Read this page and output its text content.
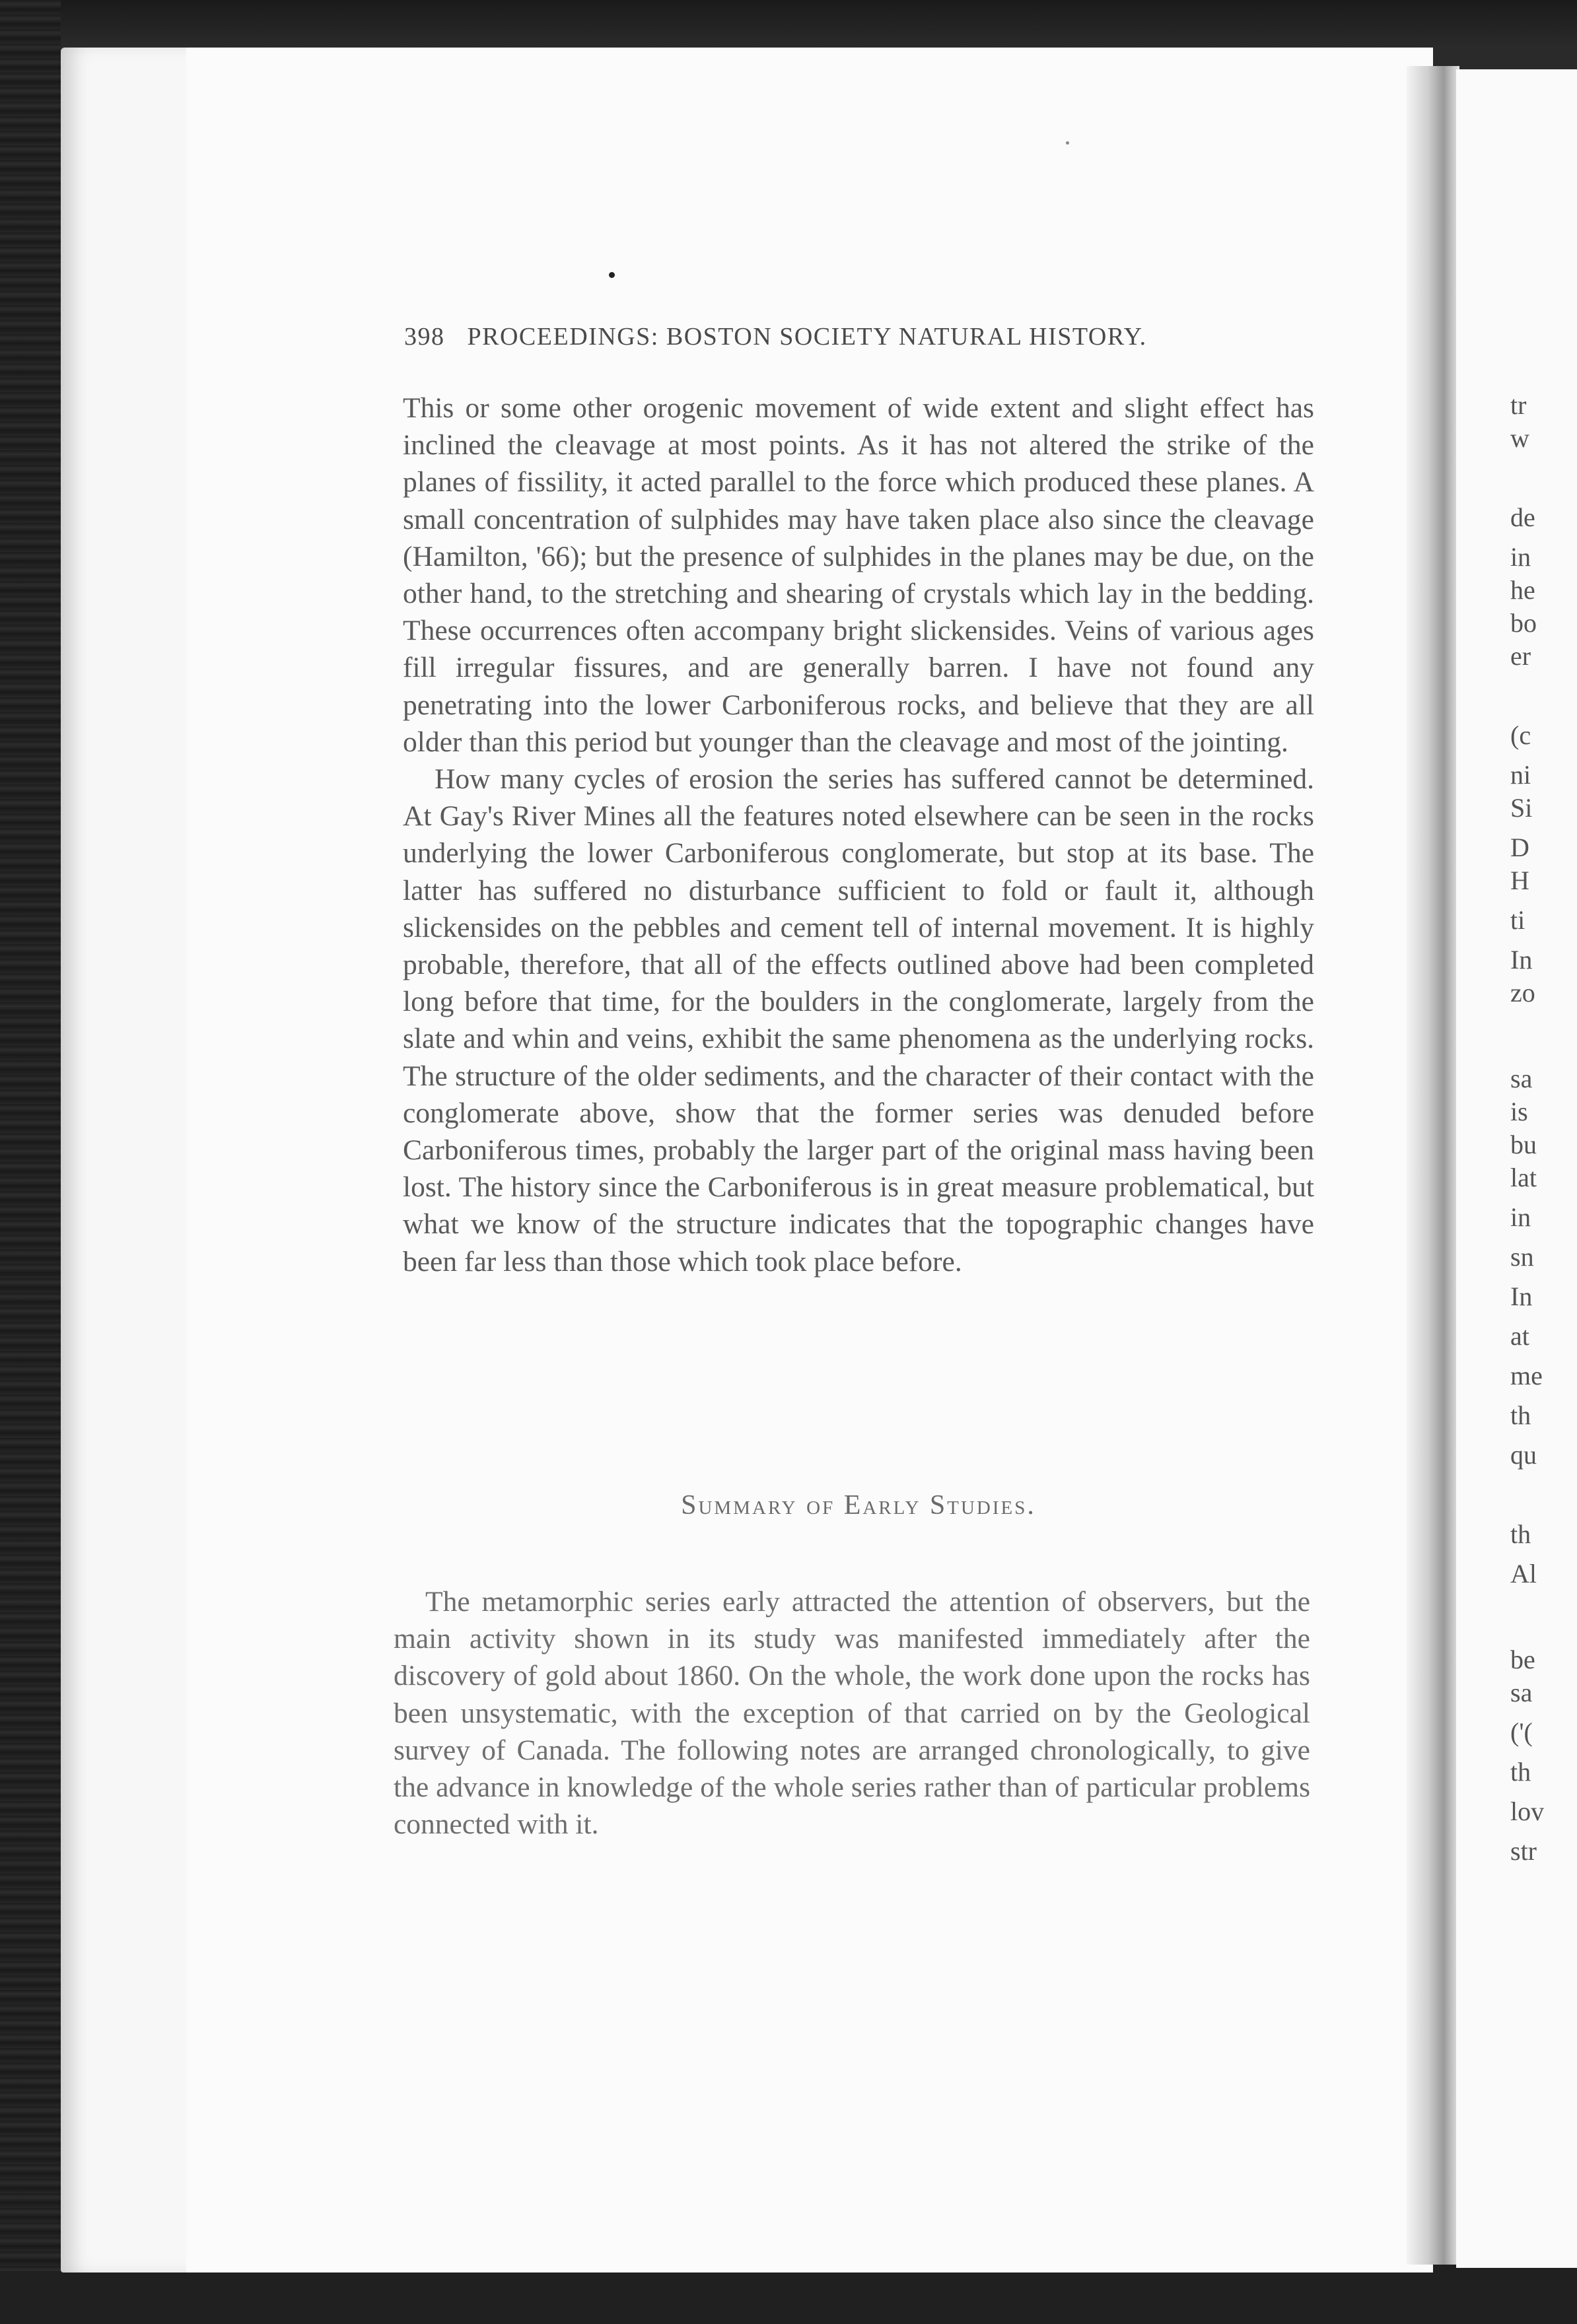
tr
w
de
in
he
bo
er
(c
ni
Si
D
H
ti
In
zo
sa
is
bu
lat
in
sn
In
at
me
th
qu
th
Al
be
sa
('(
th
lov
str
398 PROCEEDINGS: BOSTON SOCIETY NATURAL HISTORY.

This or some other orogenic movement of wide extent and slight effect has inclined the cleavage at most points. As it has not altered the strike of the planes of fissility, it acted parallel to the force which produced these planes. A small concentration of sulphides may have taken place also since the cleavage (Hamilton, '66); but the presence of sulphides in the planes may be due, on the other hand, to the stretching and shearing of crystals which lay in the bedding. These occurrences often accompany bright slickensides. Veins of various ages fill irregular fissures, and are generally barren. I have not found any penetrating into the lower Carboniferous rocks, and believe that they are all older than this period but younger than the cleavage and most of the jointing.

How many cycles of erosion the series has suffered cannot be determined. At Gay's River Mines all the features noted elsewhere can be seen in the rocks underlying the lower Carboniferous conglomerate, but stop at its base. The latter has suffered no disturbance sufficient to fold or fault it, although slickensides on the pebbles and cement tell of internal movement. It is highly probable, therefore, that all of the effects outlined above had been completed long before that time, for the boulders in the conglomerate, largely from the slate and whin and veins, exhibit the same phenomena as the underlying rocks. The structure of the older sediments, and the character of their contact with the conglomerate above, show that the former series was denuded before Carboniferous times, probably the larger part of the original mass having been lost. The history since the Carboniferous is in great measure problematical, but what we know of the structure indicates that the topographic changes have been far less than those which took place before.

Summary of Early Studies.

The metamorphic series early attracted the attention of observers, but the main activity shown in its study was manifested immediately after the discovery of gold about 1860. On the whole, the work done upon the rocks has been unsystematic, with the exception of that carried on by the Geological survey of Canada. The following notes are arranged chronologically, to give the advance in knowledge of the whole series rather than of particular problems connected with it.
